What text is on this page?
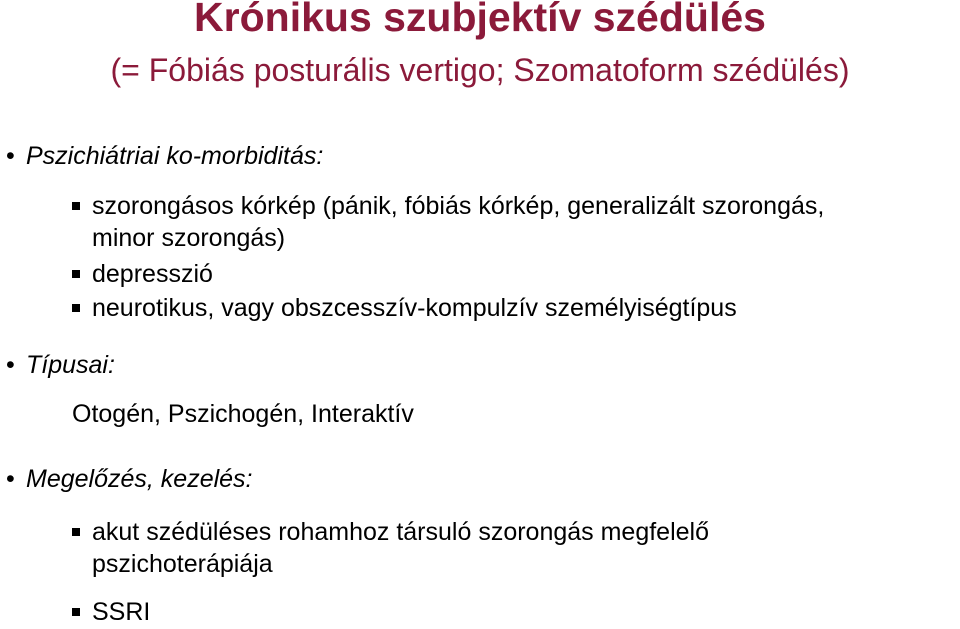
Krónikus szubjektív szédülés
(= Fóbiás posturális vertigo; Szomatoform szédülés)
• Pszichiátriai ko-morbiditás:
szorongásos kórkép (pánik, fóbiás kórkép, generalizált szorongás,
minor szorongás)
depresszió
neurotikus, vagy obszcesszív-kompulzív személyiségtípus
• Típusai:
Otogén, Pszichogén, Interaktív
• Megelőzés, kezelés:
akut szédüléses rohamhoz társuló szorongás megfelelő
pszichoterápiája
SSRI
